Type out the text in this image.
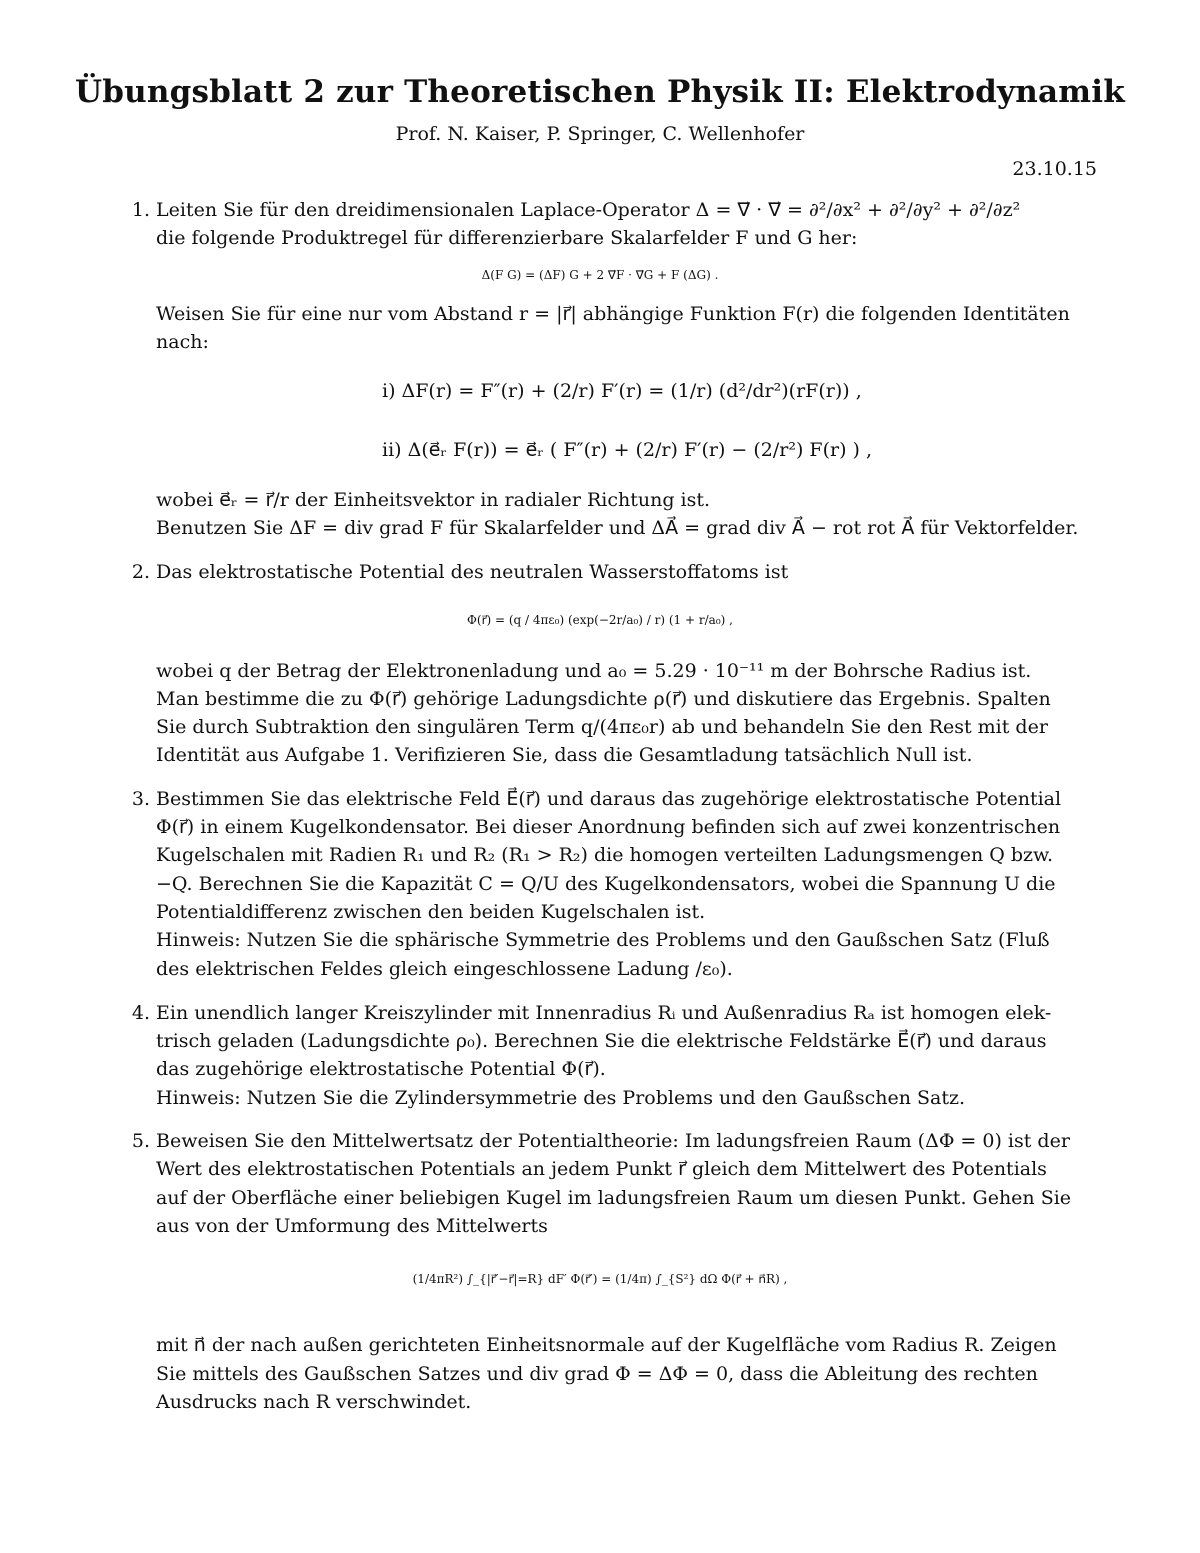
Übungsblatt 2 zur Theoretischen Physik II: Elektrodynamik
Prof. N. Kaiser, P. Springer, C. Wellenhofer
23.10.15
1. Leiten Sie für den dreidimensionalen Laplace-Operator Δ = ∇⃗ · ∇⃗ = ∂²/∂x² + ∂²/∂y² + ∂²/∂z²
die folgende Produktregel für differenzierbare Skalarfelder F und G her:
Δ(F G) = (ΔF) G + 2 ∇⃗F · ∇⃗G + F (ΔG) .
Weisen Sie für eine nur vom Abstand r = |r⃗| abhängige Funktion F(r) die folgenden Identitäten
nach:
i) ΔF(r) = F″(r) + (2/r) F′(r) = (1/r) (d²/dr²)(rF(r)) ,
ii) Δ(e⃗ᵣ F(r)) = e⃗ᵣ ( F″(r) + (2/r) F′(r) − (2/r²) F(r) ) ,
wobei e⃗ᵣ = r⃗/r der Einheitsvektor in radialer Richtung ist.
Benutzen Sie ΔF = div grad F für Skalarfelder und ΔA⃗ = grad div A⃗ − rot rot A⃗ für Vektorfelder.
2. Das elektrostatische Potential des neutralen Wasserstoffatoms ist
Φ(r⃗) = (q / 4πε₀) (exp(−2r/a₀) / r) (1 + r/a₀) ,
wobei q der Betrag der Elektronenladung und a₀ = 5.29 · 10⁻¹¹ m der Bohrsche Radius ist.
Man bestimme die zu Φ(r⃗) gehörige Ladungsdichte ρ(r⃗) und diskutiere das Ergebnis. Spalten
Sie durch Subtraktion den singulären Term q/(4πε₀r) ab und behandeln Sie den Rest mit der
Identität aus Aufgabe 1. Verifizieren Sie, dass die Gesamtladung tatsächlich Null ist.
3. Bestimmen Sie das elektrische Feld E⃗(r⃗) und daraus das zugehörige elektrostatische Potential
Φ(r⃗) in einem Kugelkondensator. Bei dieser Anordnung befinden sich auf zwei konzentrischen
Kugelschalen mit Radien R₁ und R₂ (R₁ > R₂) die homogen verteilten Ladungsmengen Q bzw.
−Q. Berechnen Sie die Kapazität C = Q/U des Kugelkondensators, wobei die Spannung U die
Potentialdifferenz zwischen den beiden Kugelschalen ist.
Hinweis: Nutzen Sie die sphärische Symmetrie des Problems und den Gaußschen Satz (Fluß
des elektrischen Feldes gleich eingeschlossene Ladung /ε₀).
4. Ein unendlich langer Kreiszylinder mit Innenradius Rᵢ und Außenradius Rₐ ist homogen elek-
trisch geladen (Ladungsdichte ρ₀). Berechnen Sie die elektrische Feldstärke E⃗(r⃗) und daraus
das zugehörige elektrostatische Potential Φ(r⃗).
Hinweis: Nutzen Sie die Zylindersymmetrie des Problems und den Gaußschen Satz.
5. Beweisen Sie den Mittelwertsatz der Potentialtheorie: Im ladungsfreien Raum (ΔΦ = 0) ist der
Wert des elektrostatischen Potentials an jedem Punkt r⃗ gleich dem Mittelwert des Potentials
auf der Oberfläche einer beliebigen Kugel im ladungsfreien Raum um diesen Punkt. Gehen Sie
aus von der Umformung des Mittelwerts
(1/4πR²) ∫_{|r⃗′−r⃗|=R} dF′ Φ(r⃗′) = (1/4π) ∫_{S²} dΩ Φ(r⃗ + n⃗R) ,
mit n⃗ der nach außen gerichteten Einheitsnormale auf der Kugelfläche vom Radius R. Zeigen
Sie mittels des Gaußschen Satzes und div grad Φ = ΔΦ = 0, dass die Ableitung des rechten
Ausdrucks nach R verschwindet.
